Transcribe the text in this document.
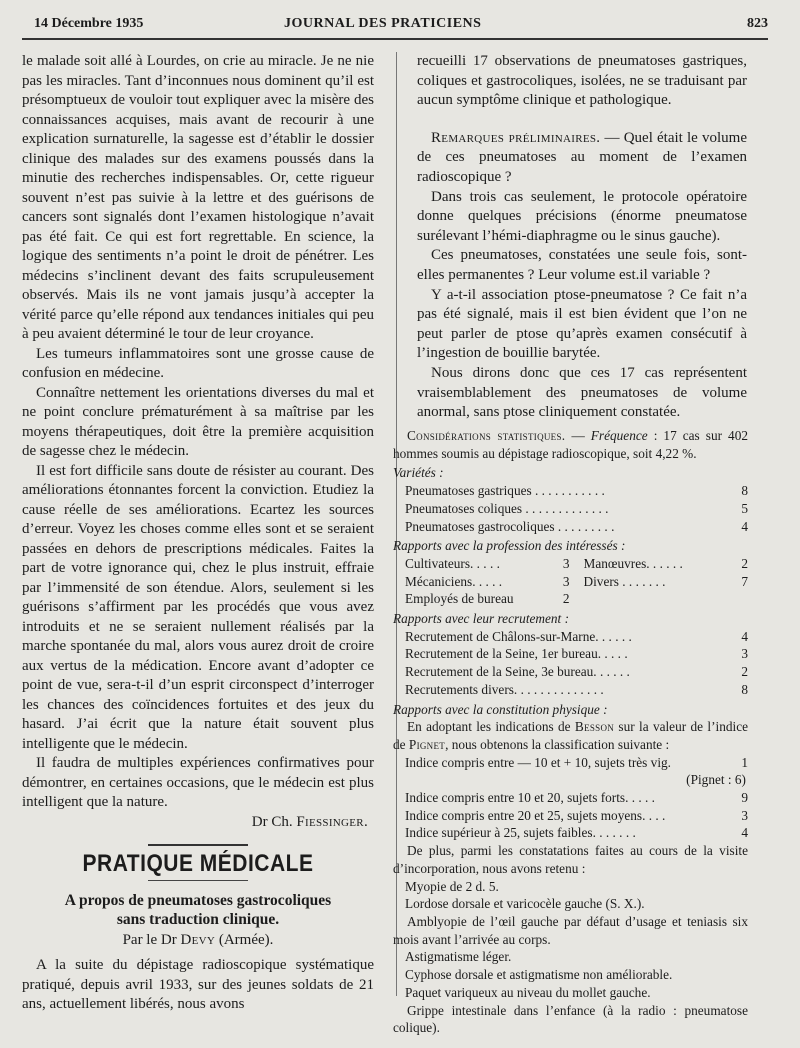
14 Décembre 1935	JOURNAL DES PRATICIENS	823

le malade soit allé à Lourdes, on crie au miracle. Je ne nie pas les miracles. Tant d’inconnues nous dominent qu’il est présomptueux de vouloir tout expliquer avec la misère des connaissances acquises, mais avant de recourir à une explication surnaturelle, la sagesse est d’établir le dossier clinique des malades sur des examens poussés dans la minutie des recherches indispensables. Or, cette rigueur souvent n’est pas suivie à la lettre et des guérisons de cancers sont signalés dont l’examen histologique n’avait pas été fait. Ce qui est fort regrettable. En science, la logique des sentiments n’a point le droit de pénétrer. Les médecins s’inclinent devant des faits scrupuleusement observés. Mais ils ne vont jamais jusqu’à accepter la vérité parce qu’elle répond aux tendances initiales qui peu à peu avaient déterminé le tour de leur croyance.

Les tumeurs inflammatoires sont une grosse cause de confusion en médecine.

Connaître nettement les orientations diverses du mal et ne point conclure prématurément à sa maîtrise par les moyens thérapeutiques, doit être la première acquisition de sagesse chez le médecin.

Il est fort difficile sans doute de résister au courant. Des améliorations étonnantes forcent la conviction. Etudiez la cause réelle de ses améliorations. Ecartez les sources d’erreur. Voyez les choses comme elles sont et se seraient passées en dehors de prescriptions médicales. Faites la part de votre ignorance qui, chez le plus instruit, effraie par l’immensité de son étendue. Alors, seulement si les guérisons s’affirment par les procédés que vous avez introduits et ne se seraient nullement réalisés par la marche spontanée du mal, alors vous aurez droit de croire aux vertus de la médication. Encore avant d’adopter ce point de vue, sera-t-il d’un esprit circonspect d’interroger les chances des coïncidences fortuites et des jeux du hasard. J’ai écrit que la nature était souvent plus intelligente que le médecin.

Il faudra de multiples expériences confirmatives pour démontrer, en certaines occasions, que le médecin est plus intelligent que la nature.

Dr Ch. Fiessinger.
PRATIQUE MÉDICALE
A propos de pneumatoses gastrocoliques
sans traduction clinique.
Par le Dr Devy (Armée).

A la suite du dépistage radioscopique systématique pratiqué, depuis avril 1933, sur des jeunes soldats de 21 ans, actuellement libérés, nous avons

recueilli 17 observations de pneumatoses gastriques, coliques et gastrocoliques, isolées, ne se traduisant par aucun symptôme clinique et pathologique.

Remarques préliminaires. — Quel était le volume de ces pneumatoses au moment de l’examen radioscopique ?

Dans trois cas seulement, le protocole opératoire donne quelques précisions (énorme pneumatose surélevant l’hémi-diaphragme ou le sinus gauche).

Ces pneumatoses, constatées une seule fois, sont-elles permanentes ? Leur volume est.il variable ?

Y a-t-il association ptose-pneumatose ? Ce fait n’a pas été signalé, mais il est bien évident que l’on ne peut parler de ptose qu’après examen consécutif à l’ingestion de bouillie barytée.

Nous dirons donc que ces 17 cas représentent vraisemblablement des pneumatoses de volume anormal, sans ptose cliniquement constatée.

Considérations statistiques. — Fréquence : 17 cas sur 402 hommes soumis au dépistage radioscopique, soit 4,22 %.

Variétés :
Pneumatoses gastriques . . . . . . . . . . .	8
Pneumatoses coliques . . . . . . . . . . . . .	5
Pneumatoses gastrocoliques . . . . . . . . .	4
Rapports avec la profession des intéressés :
Cultivateurs. . . . .	3 Manœuvres. . . . . .	2
Mécaniciens. . . . .	3 Divers . . . . . . .	7
Employés de bureau	2
Rapports avec leur recrutement :
Recrutement de Châlons-sur-Marne. . . . . .	4
Recrutement de la Seine, 1er bureau. . . . .	3
Recrutement de la Seine, 3e bureau. . . . . .	2
Recrutements divers. . . . . . . . . . . . . .	8
Rapports avec la constitution physique :

En adoptant les indications de Besson sur la valeur de l’indice de Pignet, nous obtenons la classification suivante :

Indice compris entre — 10 et + 10, sujets très vig.	1
(Pignet : 6)
Indice compris entre 10 et 20, sujets forts. . . . .	9
Indice compris entre 20 et 25, sujets moyens. . . .	3
Indice supérieur à 25, sujets faibles. . . . . . .	4

De plus, parmi les constatations faites au cours de la visite d’incorporation, nous avons retenu :

Myopie de 2 d. 5.
Lordose dorsale et varicocèle gauche (S. X.).

Amblyopie de l’œil gauche par défaut d’usage et teniasis six mois avant l’arrivée au corps.

Astigmatisme léger.
Cyphose dorsale et astigmatisme non améliorable.
Paquet variqueux au niveau du mollet gauche.

Grippe intestinale dans l’enfance (à la radio : pneumatose colique).
